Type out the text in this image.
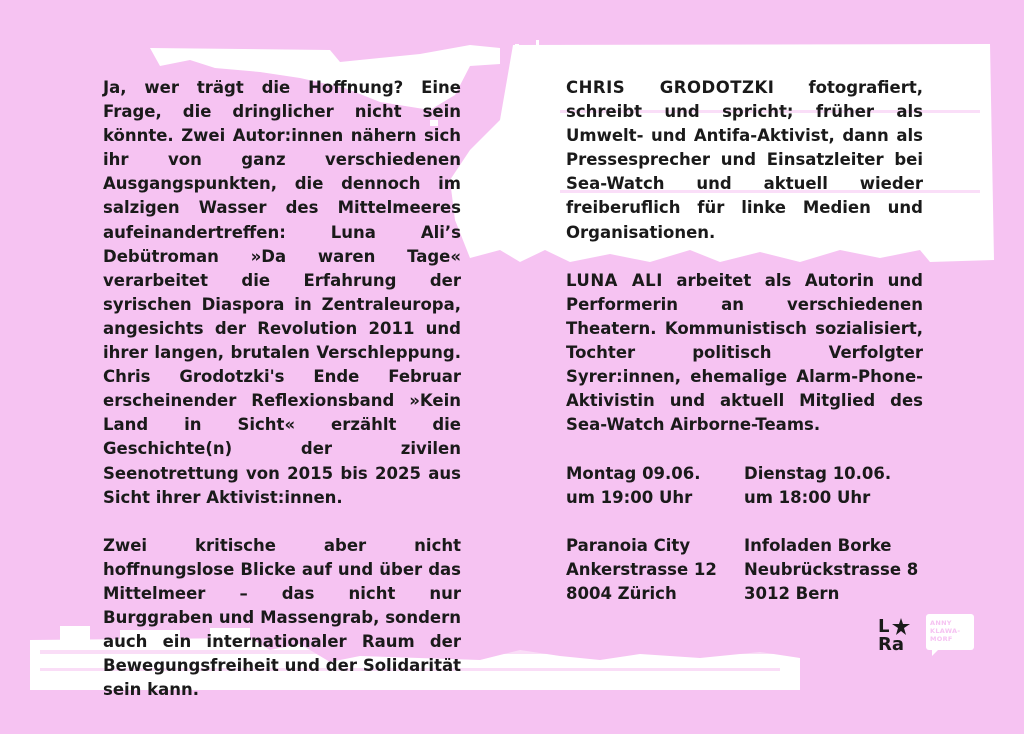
Ja, wer trägt die Hoffnung? Eine Frage, die dringlicher nicht sein könnte. Zwei Autor:innen nähern sich ihr von ganz verschiedenen Ausgangspunkten, die dennoch im salzigen Wasser des Mittelmeeres aufeinandertreffen: Luna Ali’s Debütroman »Da waren Tage« verarbeitet die Erfahrung der syrischen Diaspora in Zentraleuropa, angesichts der Revolution 2011 und ihrer langen, brutalen Verschleppung. Chris Grodotzki's Ende Februar erscheinender Reflexionsband »Kein Land in Sicht« erzählt die Geschichte(n) der zivilen Seenotrettung von 2015 bis 2025 aus Sicht ihrer Aktivist:innen.

Zwei kritische aber nicht hoffnungslose Blicke auf und über das Mittelmeer – das nicht nur Burggraben und Massengrab, sondern auch ein internationaler Raum der Bewegungsfreiheit und der Solidarität sein kann.

CHRIS GRODOTZKI fotografiert, schreibt und spricht; früher als Umwelt- und Antifa-Aktivist, dann als Pressesprecher und Einsatzleiter bei Sea-Watch und aktuell wieder freiberuflich für linke Medien und Organisationen.

LUNA ALI arbeitet als Autorin und Performerin an verschiedenen Theatern. Kommunistisch sozialisiert, Tochter politisch Verfolgter Syrer:innen, ehemalige Alarm-Phone-Aktivistin und aktuell Mitglied des Sea-Watch Airborne-Teams.

Montag 09.06.
um 19:00 Uhr
Paranoia City
Ankerstrasse 12
8004 Zürich
Dienstag 10.06.
um 18:00 Uhr
Infoladen Borke
Neubrückstrasse 8
3012 Bern
L
Ra
ANNY
KLAWA-
MORF
